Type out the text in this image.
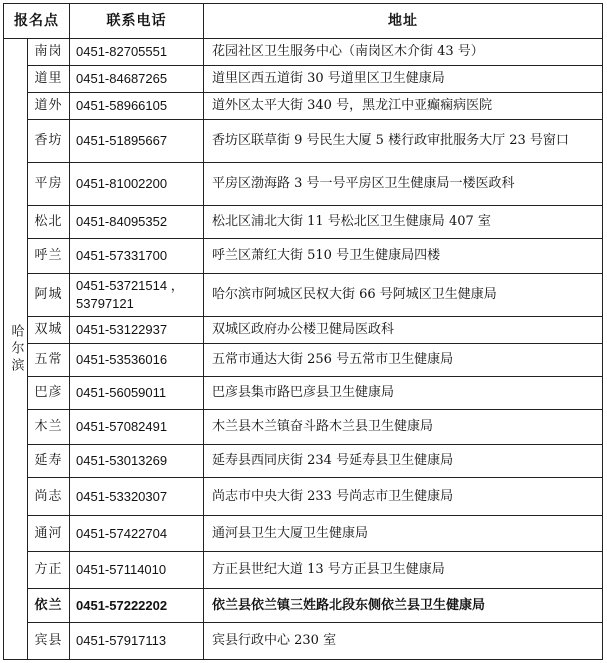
报名点		联系电话	地址
哈尔滨	南岗	0451-82705551	花园社区卫生服务中心（南岗区木介街 43 号）
	道里	0451-84687265	道里区西五道街 30 号道里区卫生健康局
	道外	0451-58966105	道外区太平大街 340 号，黑龙江中亚癫痫病医院
	香坊	0451-51895667	香坊区联草街 9 号民生大厦 5 楼行政审批服务大厅 23 号窗口
	平房	0451-81002200	平房区渤海路 3 号一号平房区卫生健康局一楼医政科
	松北	0451-84095352	松北区浦北大街 11 号松北区卫生健康局 407 室
	呼兰	0451-57331700	呼兰区萧红大街 510 号卫生健康局四楼
	阿城	0451-53721514 ，53797121	哈尔滨市阿城区民权大街 66 号阿城区卫生健康局
	双城	0451-53122937	双城区政府办公楼卫健局医政科
	五常	0451-53536016	五常市通达大街 256 号五常市卫生健康局
	巴彦	0451-56059011	巴彦县集市路巴彦县卫生健康局
	木兰	0451-57082491	木兰县木兰镇奋斗路木兰县卫生健康局
	延寿	0451-53013269	延寿县西同庆街 234 号延寿县卫生健康局
	尚志	0451-53320307	尚志市中央大街 233 号尚志市卫生健康局
	通河	0451-57422704	通河县卫生大厦卫生健康局
	方正	0451-57114010	方正县世纪大道 13 号方正县卫生健康局
	依兰	0451-57222202	依兰县依兰镇三姓路北段东侧依兰县卫生健康局
	宾县	0451-57917113	宾县行政中心 230 室
